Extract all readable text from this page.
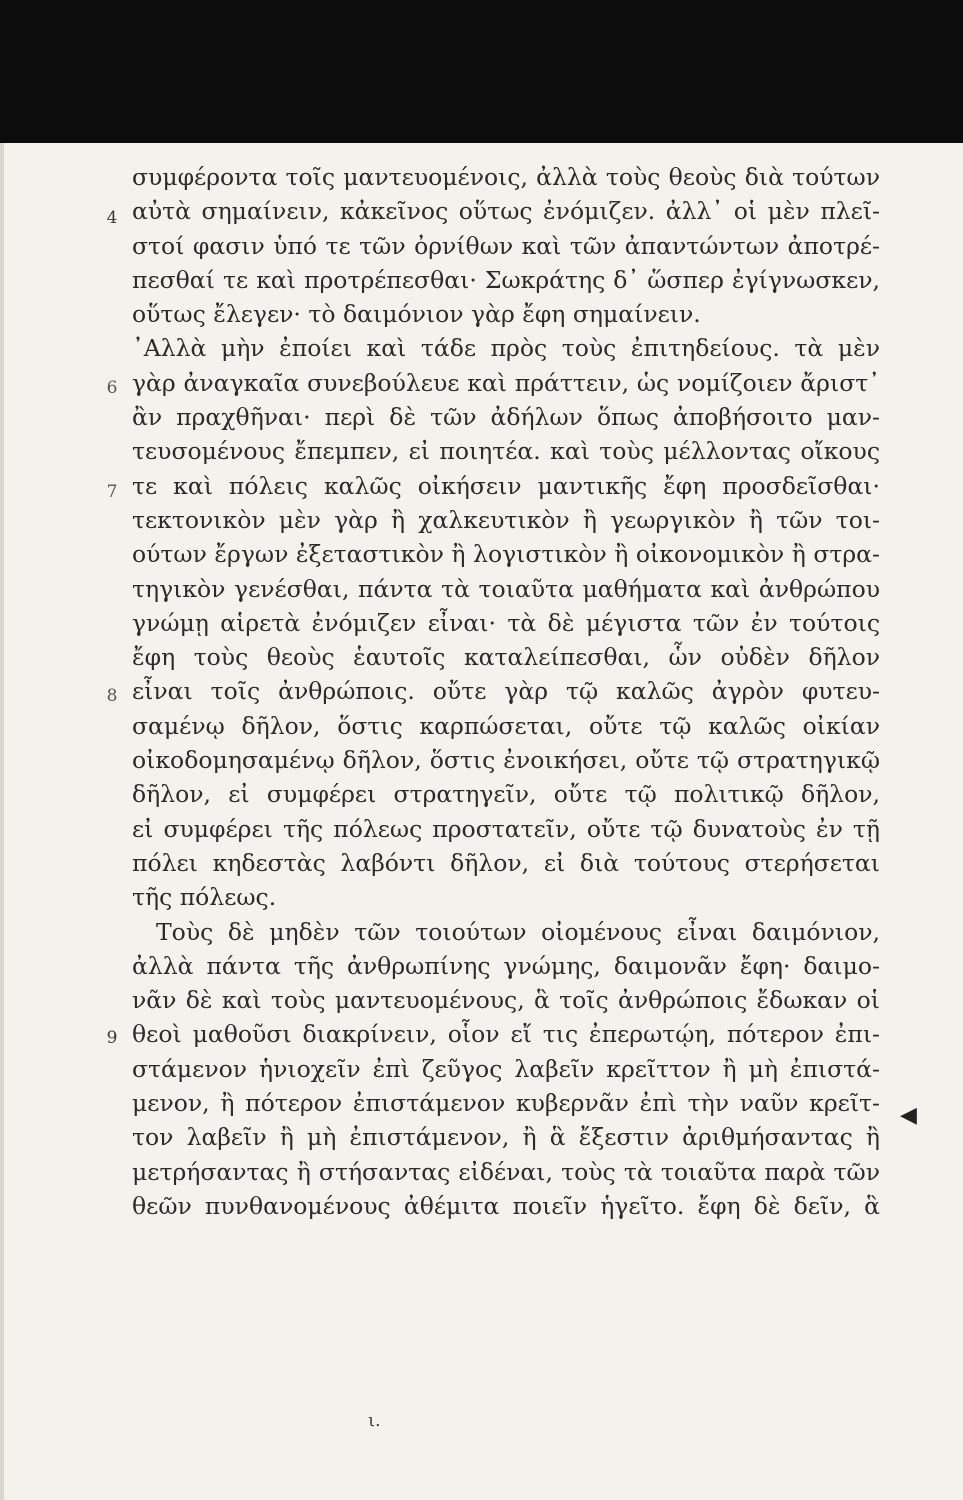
4
6
7
8
9
συμφέροντα τοῖς μαντευομένοις, ἀλλὰ τοὺς θεοὺς διὰ τούτων
αὐτὰ σημαίνειν, κἀκεῖνος οὕτως ἐνόμιζεν. ἀλλ᾽ οἱ μὲν πλεῖ-
στοί φασιν ὑπό τε τῶν ὀρνίθων καὶ τῶν ἀπαντώντων ἀποτρέ-
πεσθαί τε καὶ προτρέπεσθαι· Σωκράτης δ᾽ ὥσπερ ἐγίγνωσκεν,
οὕτως ἔλεγεν· τὸ δαιμόνιον γὰρ ἔφη σημαίνειν.
᾽Αλλὰ μὴν ἐποίει καὶ τάδε πρὸς τοὺς ἐπιτηδείους. τὰ μὲν
γὰρ ἀναγκαῖα συνεβούλευε καὶ πράττειν, ὡς νομίζοιεν ἄριστ᾽
ἂν πραχθῆναι· περὶ δὲ τῶν ἀδήλων ὅπως ἀποβήσοιτο μαν-
τευσομένους ἔπεμπεν, εἰ ποιητέα. καὶ τοὺς μέλλοντας οἴκους
τε καὶ πόλεις καλῶς οἰκήσειν μαντικῆς ἔφη προσδεῖσθαι·
τεκτονικὸν μὲν γὰρ ἢ χαλκευτικὸν ἢ γεωργικὸν ἢ τῶν τοι-
ούτων ἔργων ἐξεταστικὸν ἢ λογιστικὸν ἢ οἰκονομικὸν ἢ στρα-
τηγικὸν γενέσθαι, πάντα τὰ τοιαῦτα μαθήματα καὶ ἀνθρώπου
γνώμῃ αἱρετὰ ἐνόμιζεν εἶναι· τὰ δὲ μέγιστα τῶν ἐν τούτοις
ἔφη τοὺς θεοὺς ἑαυτοῖς καταλείπεσθαι, ὧν οὐδὲν δῆλον
εἶναι τοῖς ἀνθρώποις. οὔτε γὰρ τῷ καλῶς ἀγρὸν φυτευ-
σαμένῳ δῆλον, ὅστις καρπώσεται, οὔτε τῷ καλῶς οἰκίαν
οἰκοδομησαμένῳ δῆλον, ὅστις ἐνοικήσει, οὔτε τῷ στρατηγικῷ
δῆλον, εἰ συμφέρει στρατηγεῖν, οὔτε τῷ πολιτικῷ δῆλον,
εἰ συμφέρει τῆς πόλεως προστατεῖν, οὔτε τῷ δυνατοὺς ἐν τῇ
πόλει κηδεστὰς λαβόντι δῆλον, εἰ διὰ τούτους στερήσεται
τῆς πόλεως.
Τοὺς δὲ μηδὲν τῶν τοιούτων οἰομένους εἶναι δαιμόνιον,
ἀλλὰ πάντα τῆς ἀνθρωπίνης γνώμης, δαιμονᾶν ἔφη· δαιμο-
νᾶν δὲ καὶ τοὺς μαντευομένους, ἃ τοῖς ἀνθρώποις ἔδωκαν οἱ
θεοὶ μαθοῦσι διακρίνειν, οἷον εἴ τις ἐπερωτῴη, πότερον ἐπι-
στάμενον ἡνιοχεῖν ἐπὶ ζεῦγος λαβεῖν κρεῖττον ἢ μὴ ἐπιστά-
μενον, ἢ πότερον ἐπιστάμενον κυβερνᾶν ἐπὶ τὴν ναῦν κρεῖτ-
τον λαβεῖν ἢ μὴ ἐπιστάμενον, ἢ ἃ ἔξεστιν ἀριθμήσαντας ἢ
μετρήσαντας ἢ στήσαντας εἰδέναι, τοὺς τὰ τοιαῦτα παρὰ τῶν
θεῶν πυνθανομένους ἀθέμιτα ποιεῖν ἡγεῖτο. ἔφη δὲ δεῖν, ἃ
◀
ι.
